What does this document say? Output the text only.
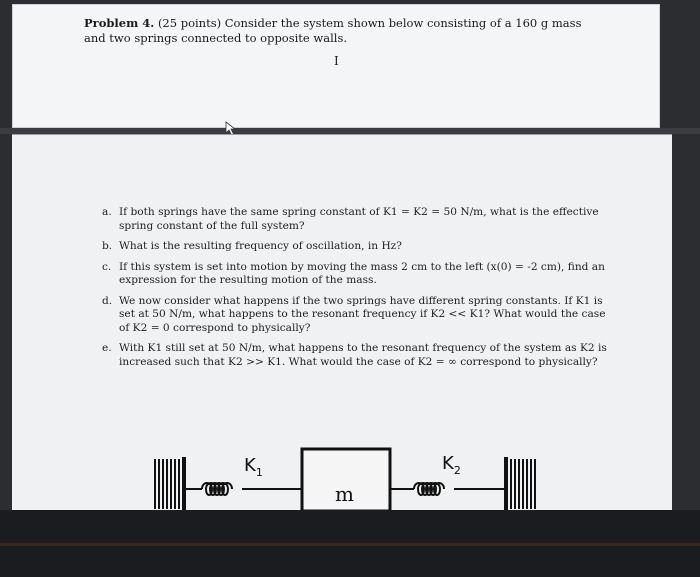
Problem 4. (25 points) Consider the system shown below consisting of a 160 g mass and two springs connected to opposite walls.
I
a. If both springs have the same spring constant of K1 = K2 = 50 N/m, what is the effective spring constant of the full system?
b. What is the resulting frequency of oscillation, in Hz?
c. If this system is set into motion by moving the mass 2 cm to the left (x(0) = -2 cm), find an expression for the resulting motion of the mass.
d. We now consider what happens if the two springs have different spring constants. If K1 is set at 50 N/m, what happens to the resonant frequency if K2 << K1? What would the case of K2 = 0 correspond to physically?
e. With K1 still set at 50 N/m, what happens to the resonant frequency of the system as K2 is increased such that K2 >> K1. What would the case of K2 = ∞ correspond to physically?
$K_1$
m
$K_2$
